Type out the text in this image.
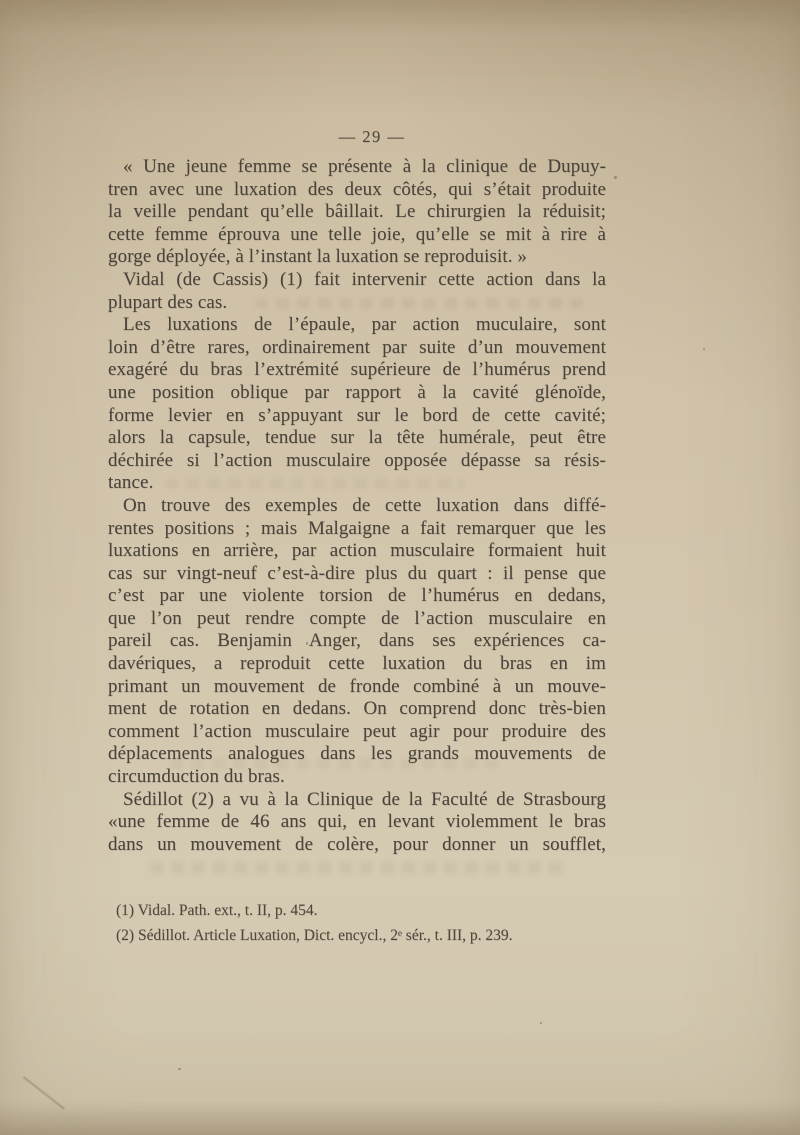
— 29 —
« Une jeune femme se présente à la clinique de Dupuy-
tren avec une luxation des deux côtés, qui s’était produite
la veille pendant qu’elle bâillait. Le chirurgien la réduisit;
cette femme éprouva une telle joie, qu’elle se mit à rire à
gorge déployée, à l’instant la luxation se reproduisit. »
Vidal (de Cassis) (1) fait intervenir cette action dans la
plupart des cas.
Les luxations de l’épaule, par action muculaire, sont
loin d’être rares, ordinairement par suite d’un mouvement
exagéré du bras l’extrémité supérieure de l’humérus prend
une position oblique par rapport à la cavité glénoïde,
forme levier en s’appuyant sur le bord de cette cavité;
alors la capsule, tendue sur la tête humérale, peut être
déchirée si l’action musculaire opposée dépasse sa résis-
tance.
On trouve des exemples de cette luxation dans diffé-
rentes positions ; mais Malgaigne a fait remarquer que les
luxations en arrière, par action musculaire formaient huit
cas sur vingt-neuf c’est-à-dire plus du quart : il pense que
c’est par une violente torsion de l’humérus en dedans,
que l’on peut rendre compte de l’action musculaire en
pareil cas. Benjamin Anger, dans ses expériences ca-
davériques, a reproduit cette luxation du bras en im
primant un mouvement de fronde combiné à un mouve-
ment de rotation en dedans. On comprend donc très-bien
comment l’action musculaire peut agir pour produire des
déplacements analogues dans les grands mouvements de
circumduction du bras.
Sédillot (2) a vu à la Clinique de la Faculté de Strasbourg
«une femme de 46 ans qui, en levant violemment le bras
dans un mouvement de colère, pour donner un soufflet,
(1) Vidal. Path. ext., t. II, p. 454.
(2) Sédillot. Article Luxation, Dict. encycl., 2ᵉ sér., t. III, p. 239.
